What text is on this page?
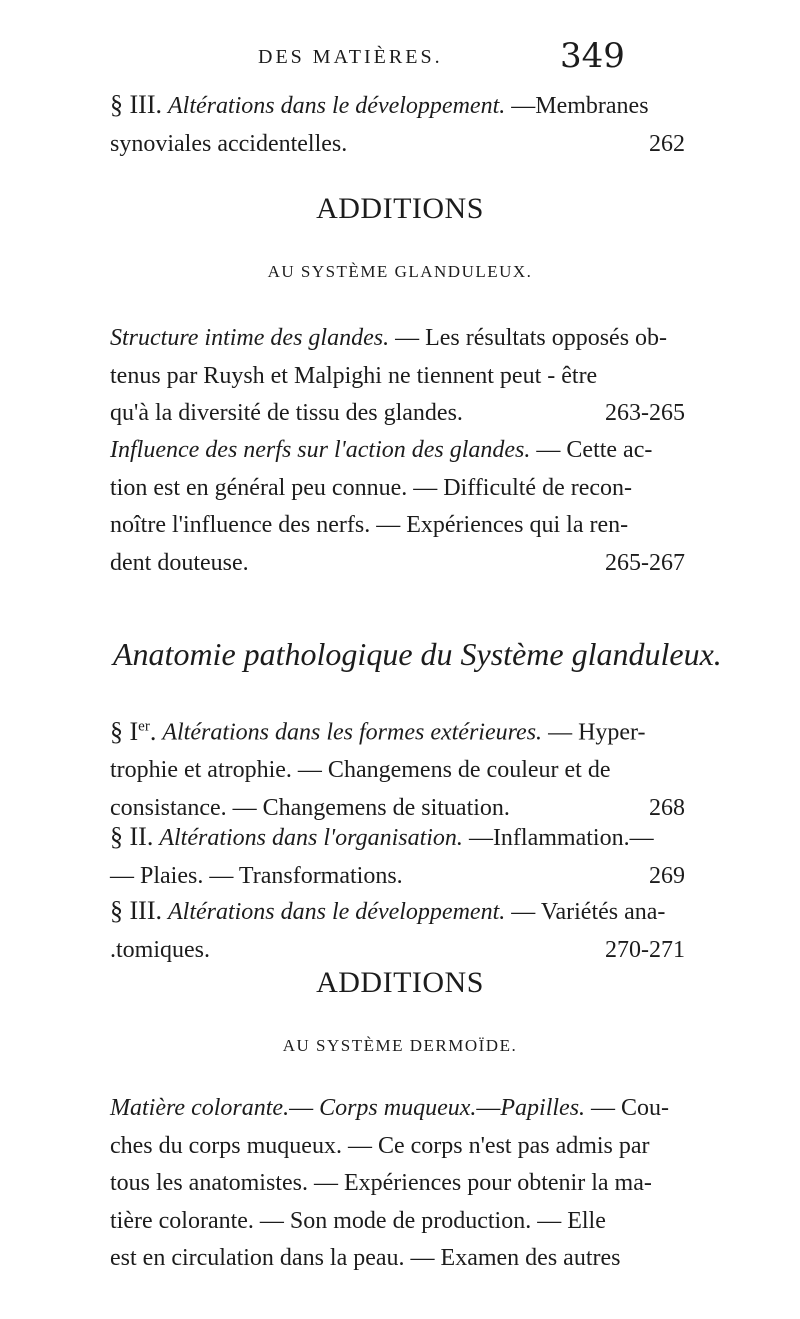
DES MATIÈRES.	349
§ III. Altérations dans le développement. —Membranes
synoviales accidentelles.	262
ADDITIONS
AU SYSTÈME GLANDULEUX.
Structure intime des glandes. — Les résultats opposés ob-
tenus par Ruysh et Malpighi ne tiennent peut - être
qu'à la diversité de tissu des glandes.	263-265
Influence des nerfs sur l'action des glandes. — Cette ac-
tion est en général peu connue. — Difficulté de recon-
noître l'influence des nerfs. — Expériences qui la ren-
dent douteuse.	265-267
Anatomie pathologique du Système glanduleux.
§ Ier. Altérations dans les formes extérieures. — Hyper-
trophie et atrophie. — Changemens de couleur et de
consistance. — Changemens de situation.	268
§ II. Altérations dans l'organisation. —Inflammation.—
— Plaies. — Transformations.	269
§ III. Altérations dans le développement. — Variétés ana-
.tomiques.	270-271
ADDITIONS
AU SYSTÈME DERMOÏDE.
Matière colorante.— Corps muqueux.—Papilles. — Cou-
ches du corps muqueux. — Ce corps n'est pas admis par
tous les anatomistes. — Expériences pour obtenir la ma-
tière colorante. — Son mode de production. — Elle
est en circulation dans la peau. — Examen des autres
